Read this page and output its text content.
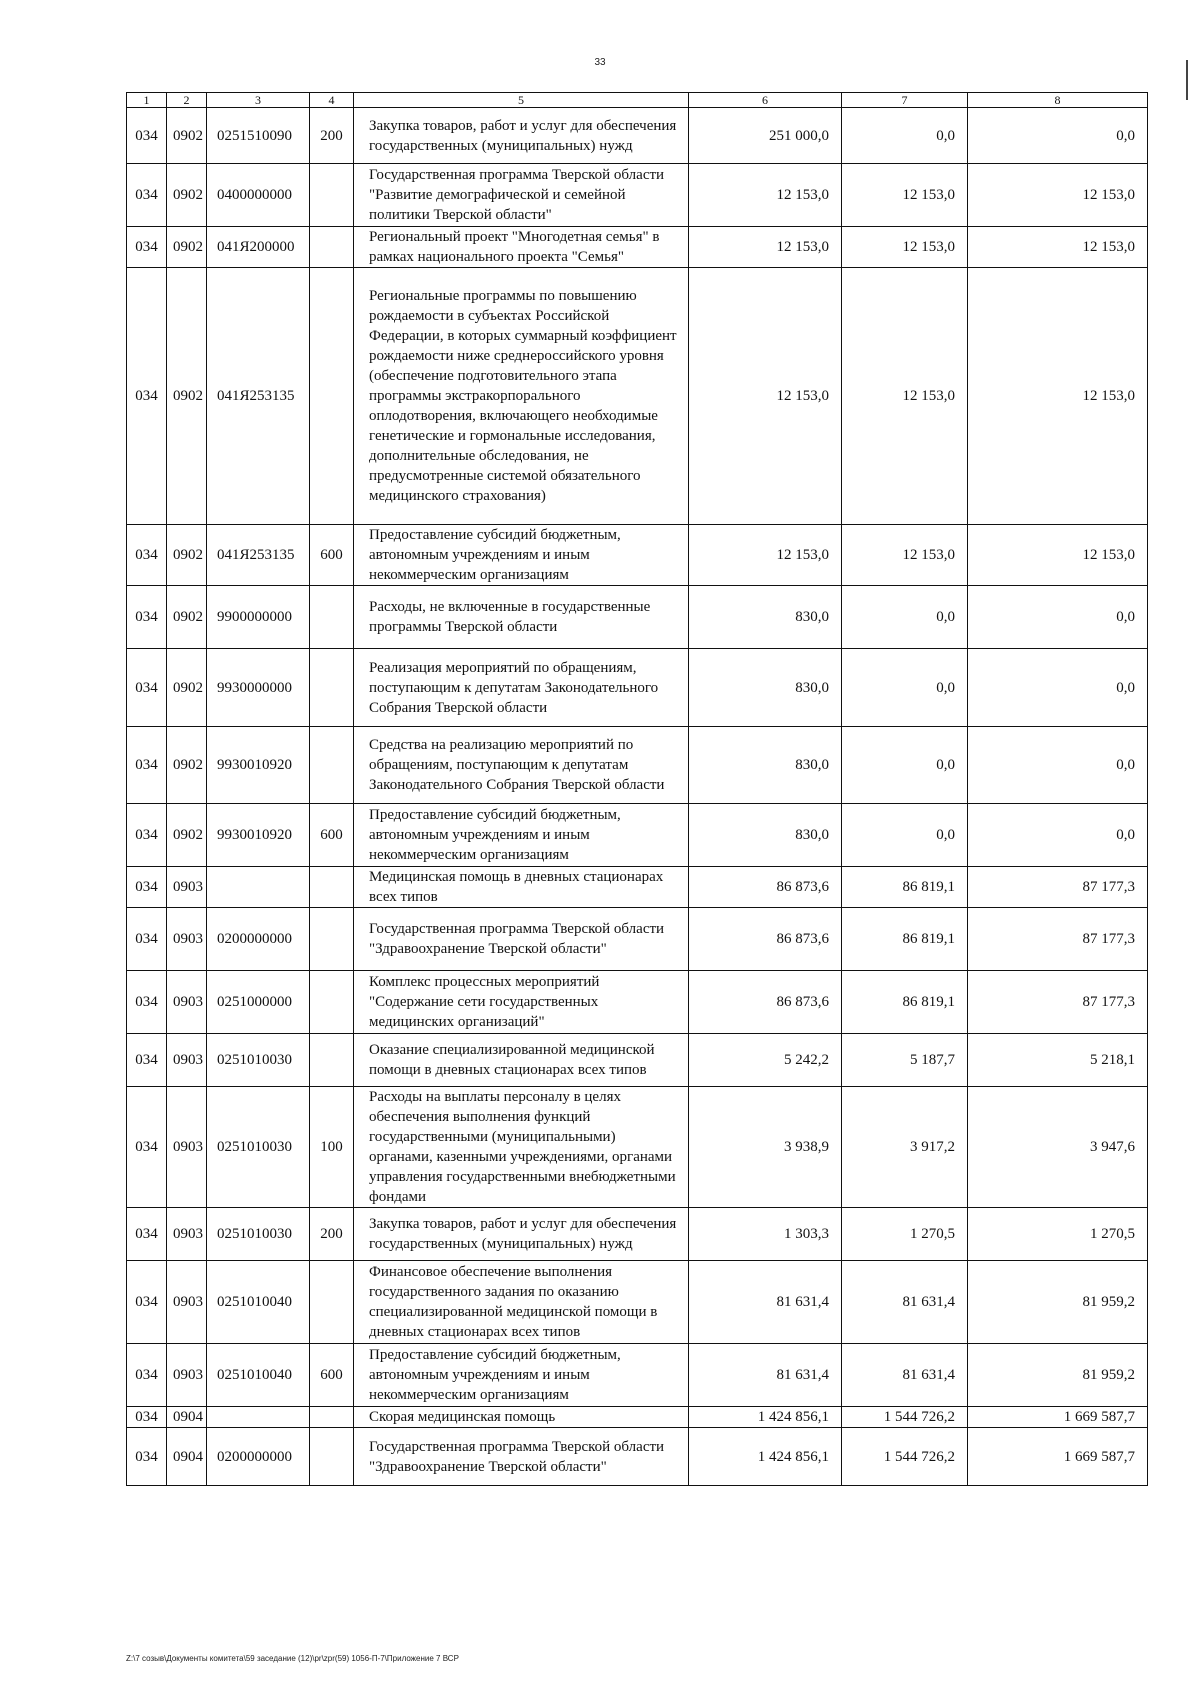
33
1	2	3	4	5	6	7	8
034	0902	0251510090	200	Закупка товаров, работ и услуг для обеспечения государственных (муниципальных) нужд	251 000,0	0,0	0,0
034	0902	0400000000		Государственная программа Тверской области "Развитие демографической и семейной политики Тверской области"	12 153,0	12 153,0	12 153,0
034	0902	041Я200000		Региональный проект "Многодетная семья" в рамках национального проекта "Семья"	12 153,0	12 153,0	12 153,0
034	0902	041Я253135		Региональные программы по повышению рождаемости в субъектах Российской Федерации, в которых суммарный коэффициент рождаемости ниже среднероссийского уровня (обеспечение подготовительного этапа программы экстракорпорального оплодотворения, включающего необходимые генетические и гормональные исследования, дополнительные обследования, не предусмотренные системой обязательного медицинского страхования)	12 153,0	12 153,0	12 153,0
034	0902	041Я253135	600	Предоставление субсидий бюджетным, автономным учреждениям и иным некоммерческим организациям	12 153,0	12 153,0	12 153,0
034	0902	9900000000		Расходы, не включенные в государственные программы Тверской области	830,0	0,0	0,0
034	0902	9930000000		Реализация мероприятий по обращениям, поступающим к депутатам Законодательного Собрания Тверской области	830,0	0,0	0,0
034	0902	9930010920		Средства на реализацию мероприятий по обращениям, поступающим к депутатам Законодательного Собрания Тверской области	830,0	0,0	0,0
034	0902	9930010920	600	Предоставление субсидий бюджетным, автономным учреждениям и иным некоммерческим организациям	830,0	0,0	0,0
034	0903			Медицинская помощь в дневных стационарах всех типов	86 873,6	86 819,1	87 177,3
034	0903	0200000000		Государственная программа Тверской области "Здравоохранение Тверской области"	86 873,6	86 819,1	87 177,3
034	0903	0251000000		Комплекс процессных мероприятий "Содержание сети государственных медицинских организаций"	86 873,6	86 819,1	87 177,3
034	0903	0251010030		Оказание специализированной медицинской помощи в дневных стационарах всех типов	5 242,2	5 187,7	5 218,1
034	0903	0251010030	100	Расходы на выплаты персоналу в целях обеспечения выполнения функций государственными (муниципальными) органами, казенными учреждениями, органами управления государственными внебюджетными фондами	3 938,9	3 917,2	3 947,6
034	0903	0251010030	200	Закупка товаров, работ и услуг для обеспечения государственных (муниципальных) нужд	1 303,3	1 270,5	1 270,5
034	0903	0251010040		Финансовое обеспечение выполнения государственного задания по оказанию специализированной медицинской помощи в дневных стационарах всех типов	81 631,4	81 631,4	81 959,2
034	0903	0251010040	600	Предоставление субсидий бюджетным, автономным учреждениям и иным некоммерческим организациям	81 631,4	81 631,4	81 959,2
034	0904			Скорая медицинская помощь	1 424 856,1	1 544 726,2	1 669 587,7
034	0904	0200000000		Государственная программа Тверской области "Здравоохранение Тверской области"	1 424 856,1	1 544 726,2	1 669 587,7
Z:\7 созыв\Документы комитета\59 заседание (12)\pr\zpr(59) 1056-П-7\Приложение 7 ВСР
